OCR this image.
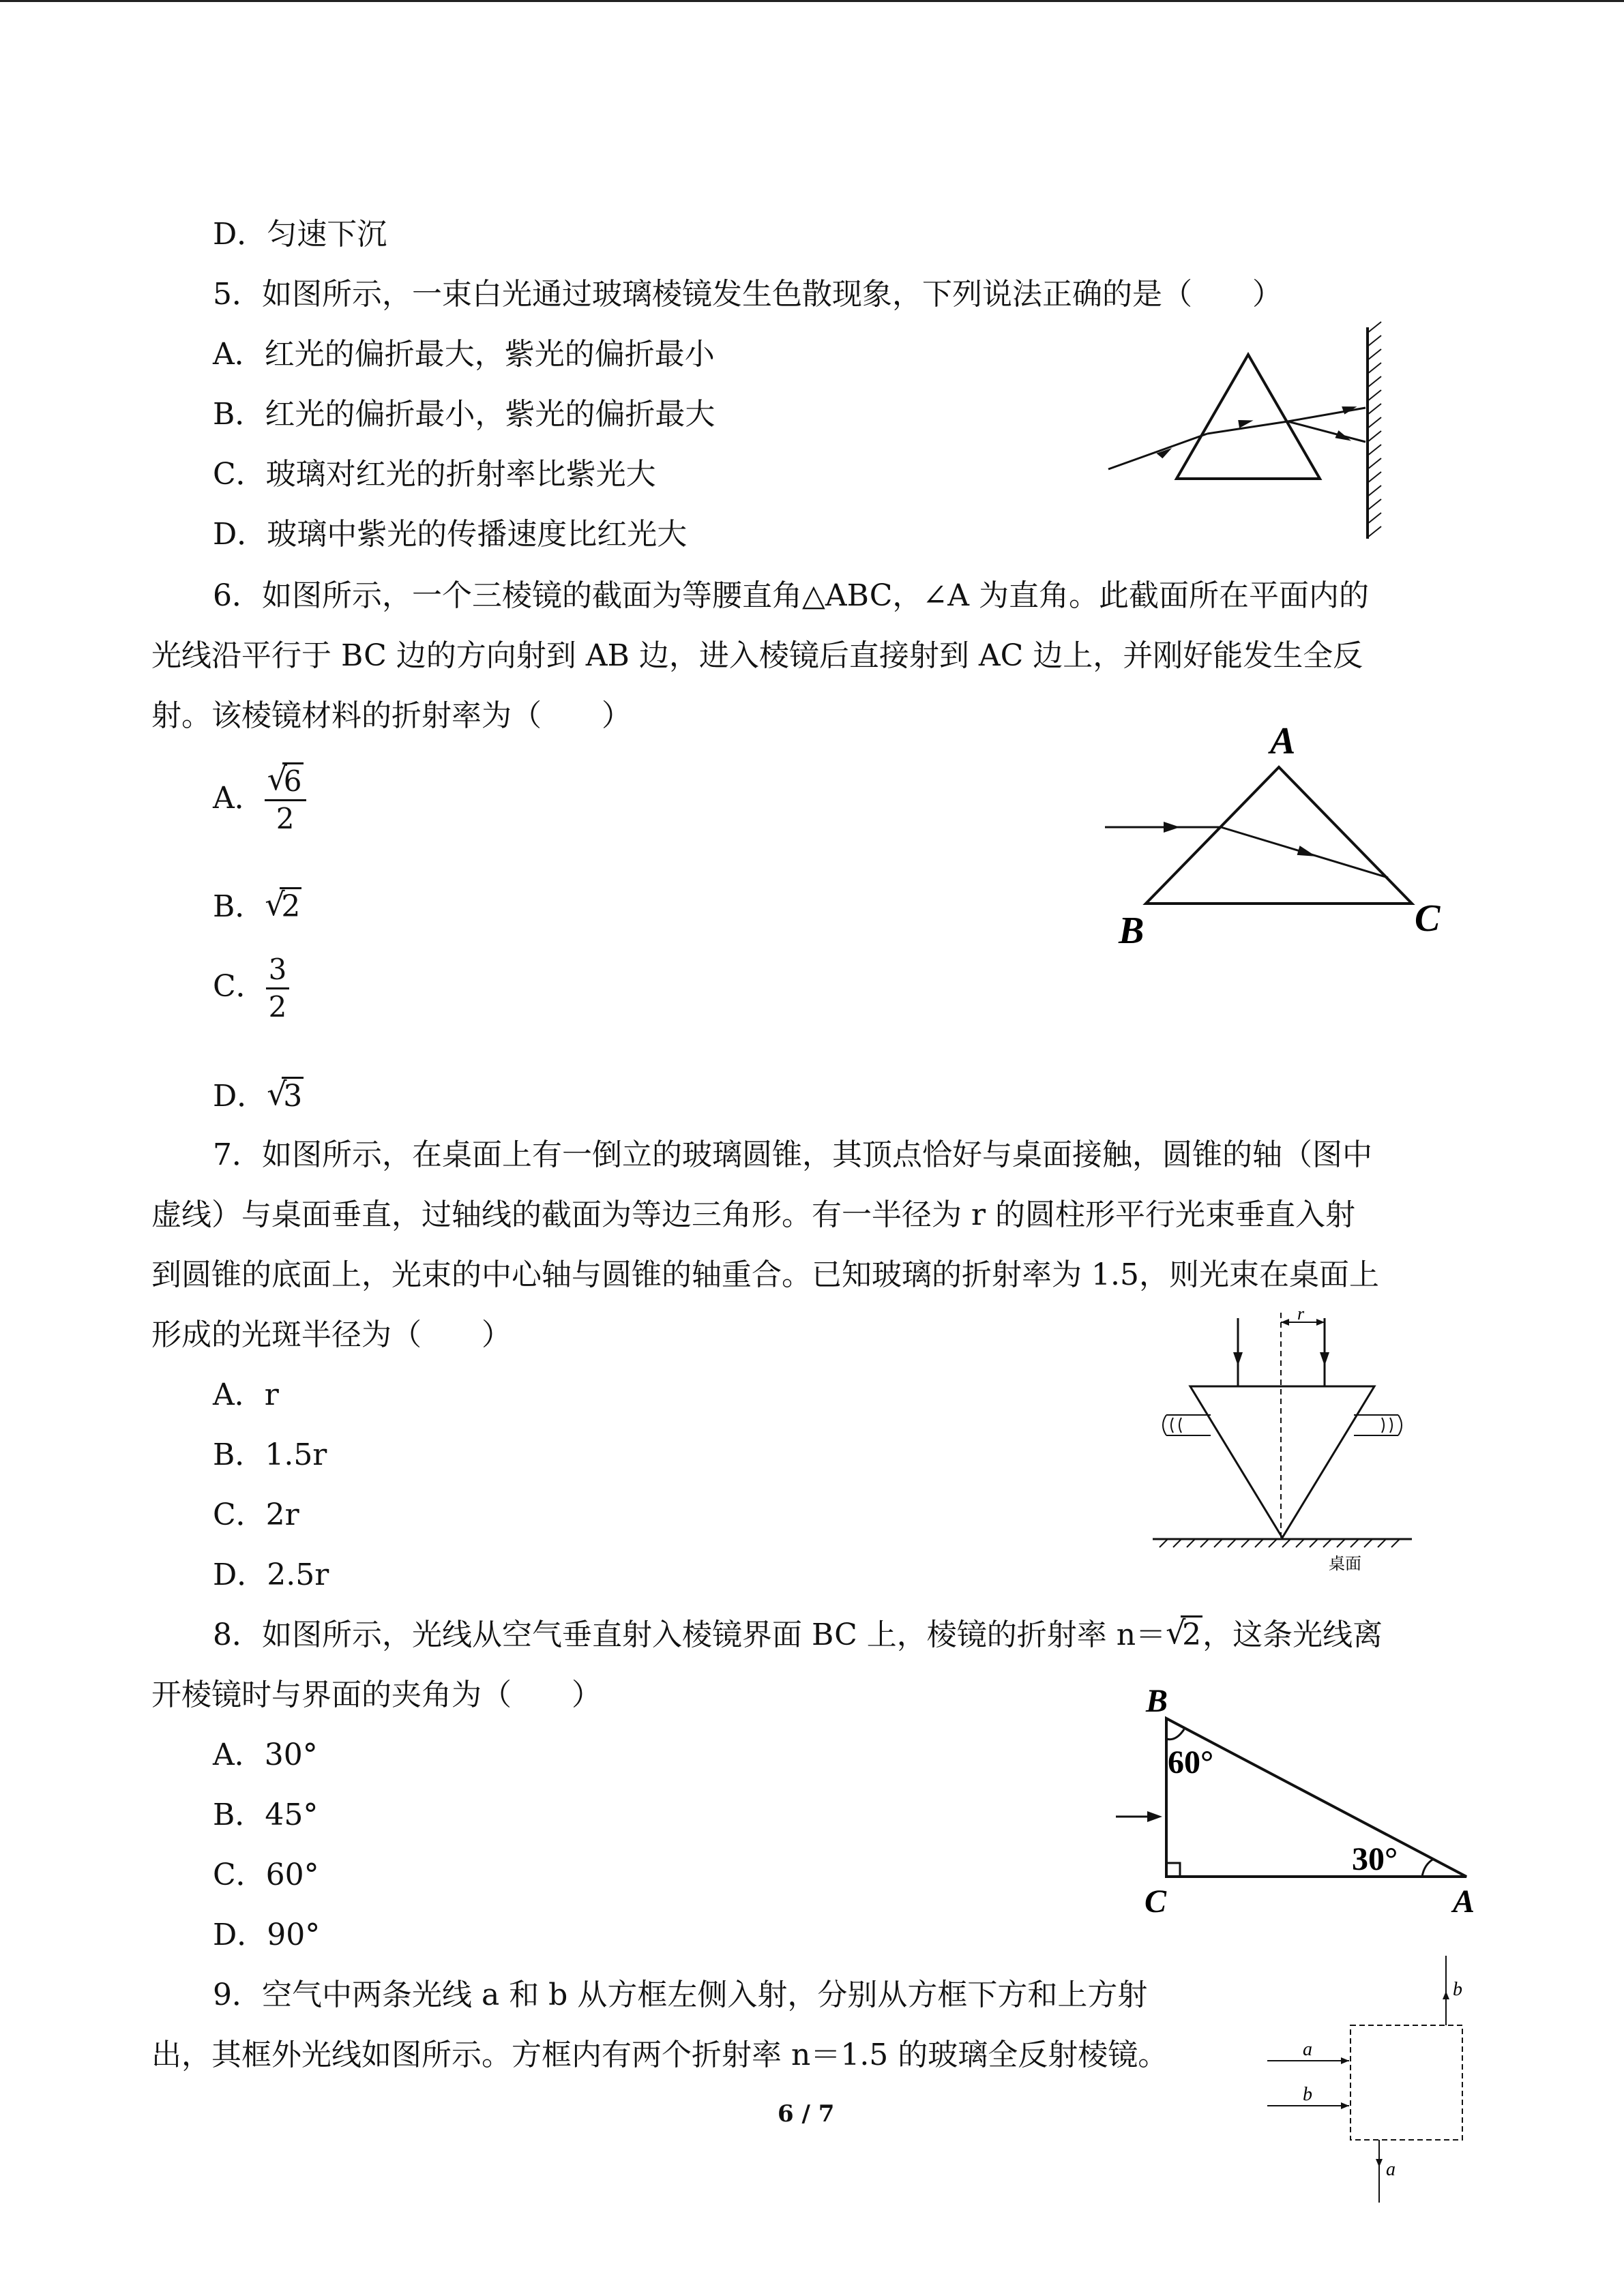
D．匀速下沉
5．如图所示，一束白光通过玻璃棱镜发生色散现象，下列说法正确的是（　　）
A．红光的偏折最大，紫光的偏折最小
B．红光的偏折最小，紫光的偏折最大
C．玻璃对红光的折射率比紫光大
D．玻璃中紫光的传播速度比红光大
6．如图所示，一个三棱镜的截面为等腰直角△ABC，∠A 为直角。此截面所在平面内的
光线沿平行于 BC 边的方向射到 AB 边，进入棱镜后直接射到 AC 边上，并刚好能发生全反
射。该棱镜材料的折射率为（　　）
A． √ $\frac{6}{2}$
B． √ 2
C． $\frac{3}{2}$
D． √ 3
A
B	C
7．如图所示，在桌面上有一倒立的玻璃圆锥，其顶点恰好与桌面接触，圆锥的轴（图中
虚线）与桌面垂直，过轴线的截面为等边三角形。有一半径为 r 的圆柱形平行光束垂直入射
到圆锥的底面上，光束的中心轴与圆锥的轴重合。已知玻璃的折射率为 1.5，则光束在桌面上
形成的光斑半径为（　　）
A．r
B．1.5r
C．2r
D．2.5r
r
桌面
8．如图所示，光线从空气垂直射入棱镜界面 BC 上，棱镜的折射率 n＝ √ 2，这条光线离
开棱镜时与界面的夹角为（　　）
A．30°
B．45°
C．60°
D．90°
B
C	A
60°
30°
9．空气中两条光线 a 和 b 从方框左侧入射，分别从方框下方和上方射
出，其框外光线如图所示。方框内有两个折射率 n＝1.5 的玻璃全反射棱镜。	a
b
b
a
6 / 7
